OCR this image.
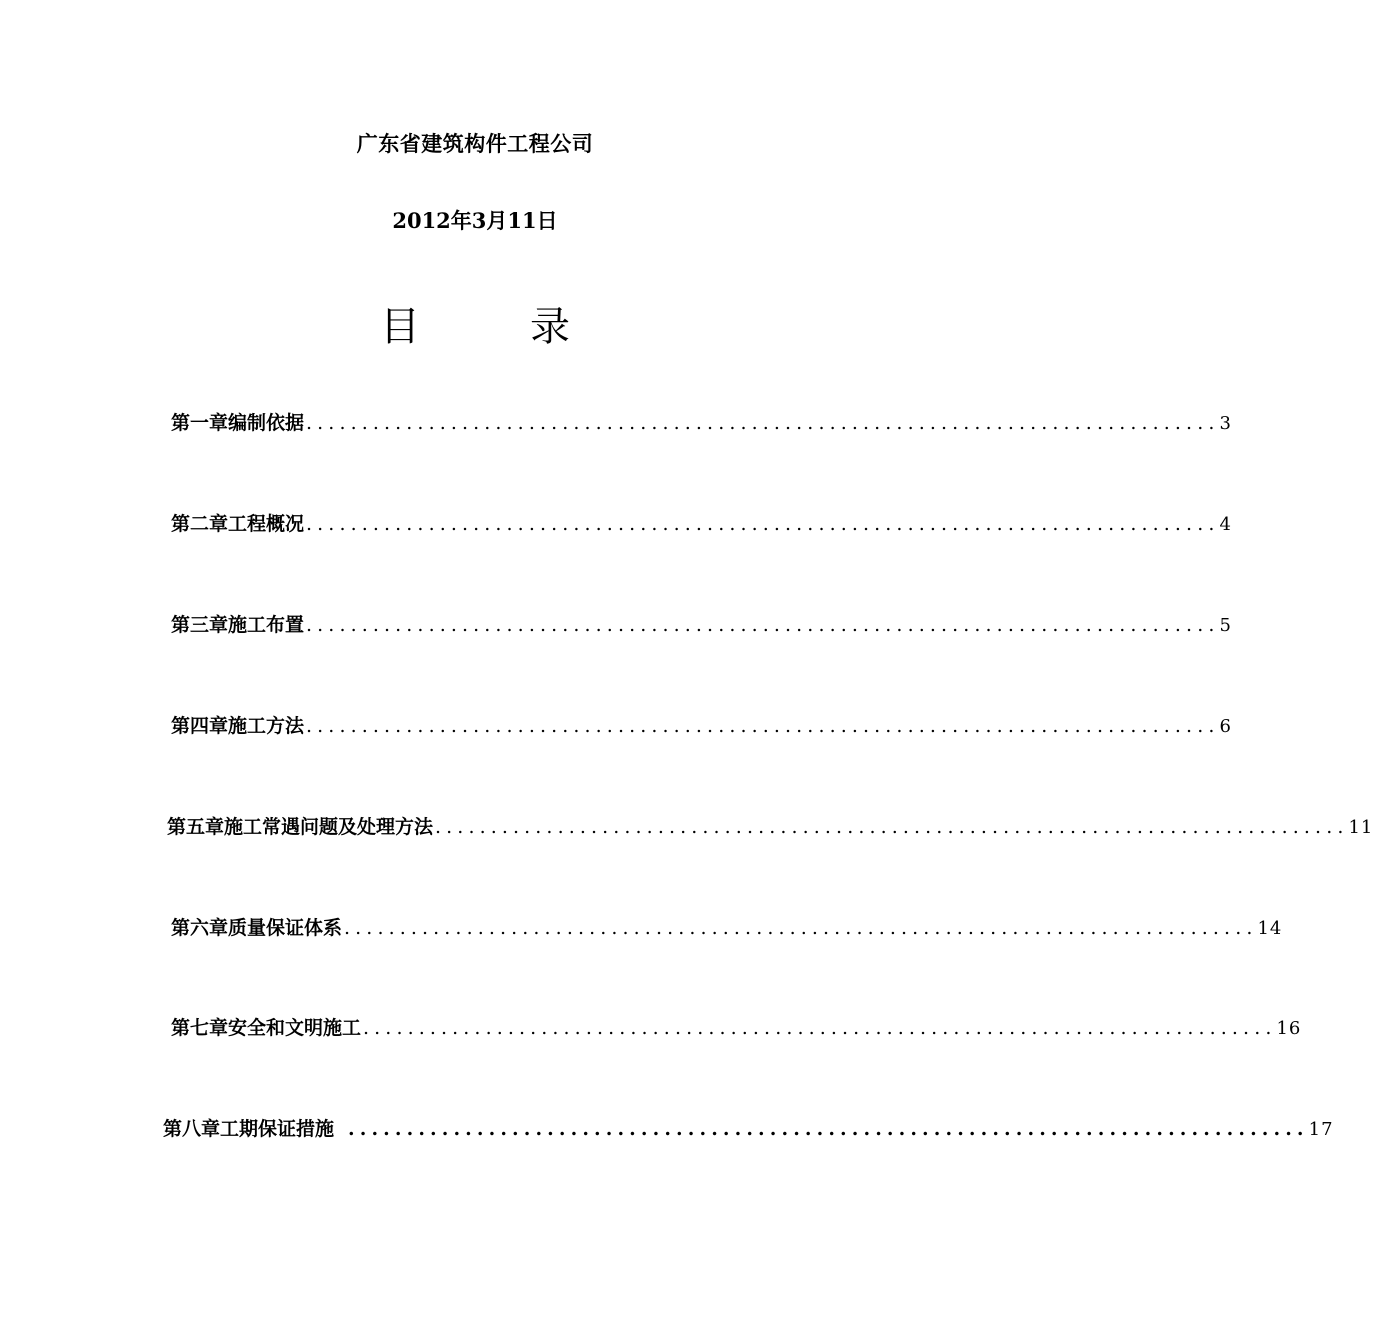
广东省建筑构件工程公司
2012年3月11日
目	录
第一章 编制依据 .................................................................................. 3
第二章 工程概况 .................................................................................. 4
第三章 施工布置 .................................................................................. 5
第四章 施工方法 .................................................................................. 6
第五章 施工常遇问题及处理方法 .................................................................................. 11
第六章 质量保证体系 .................................................................................. 14
第七章 安全和文明施工 .................................................................................. 16
第八章 工期保证措施 .................................................................................. 17
